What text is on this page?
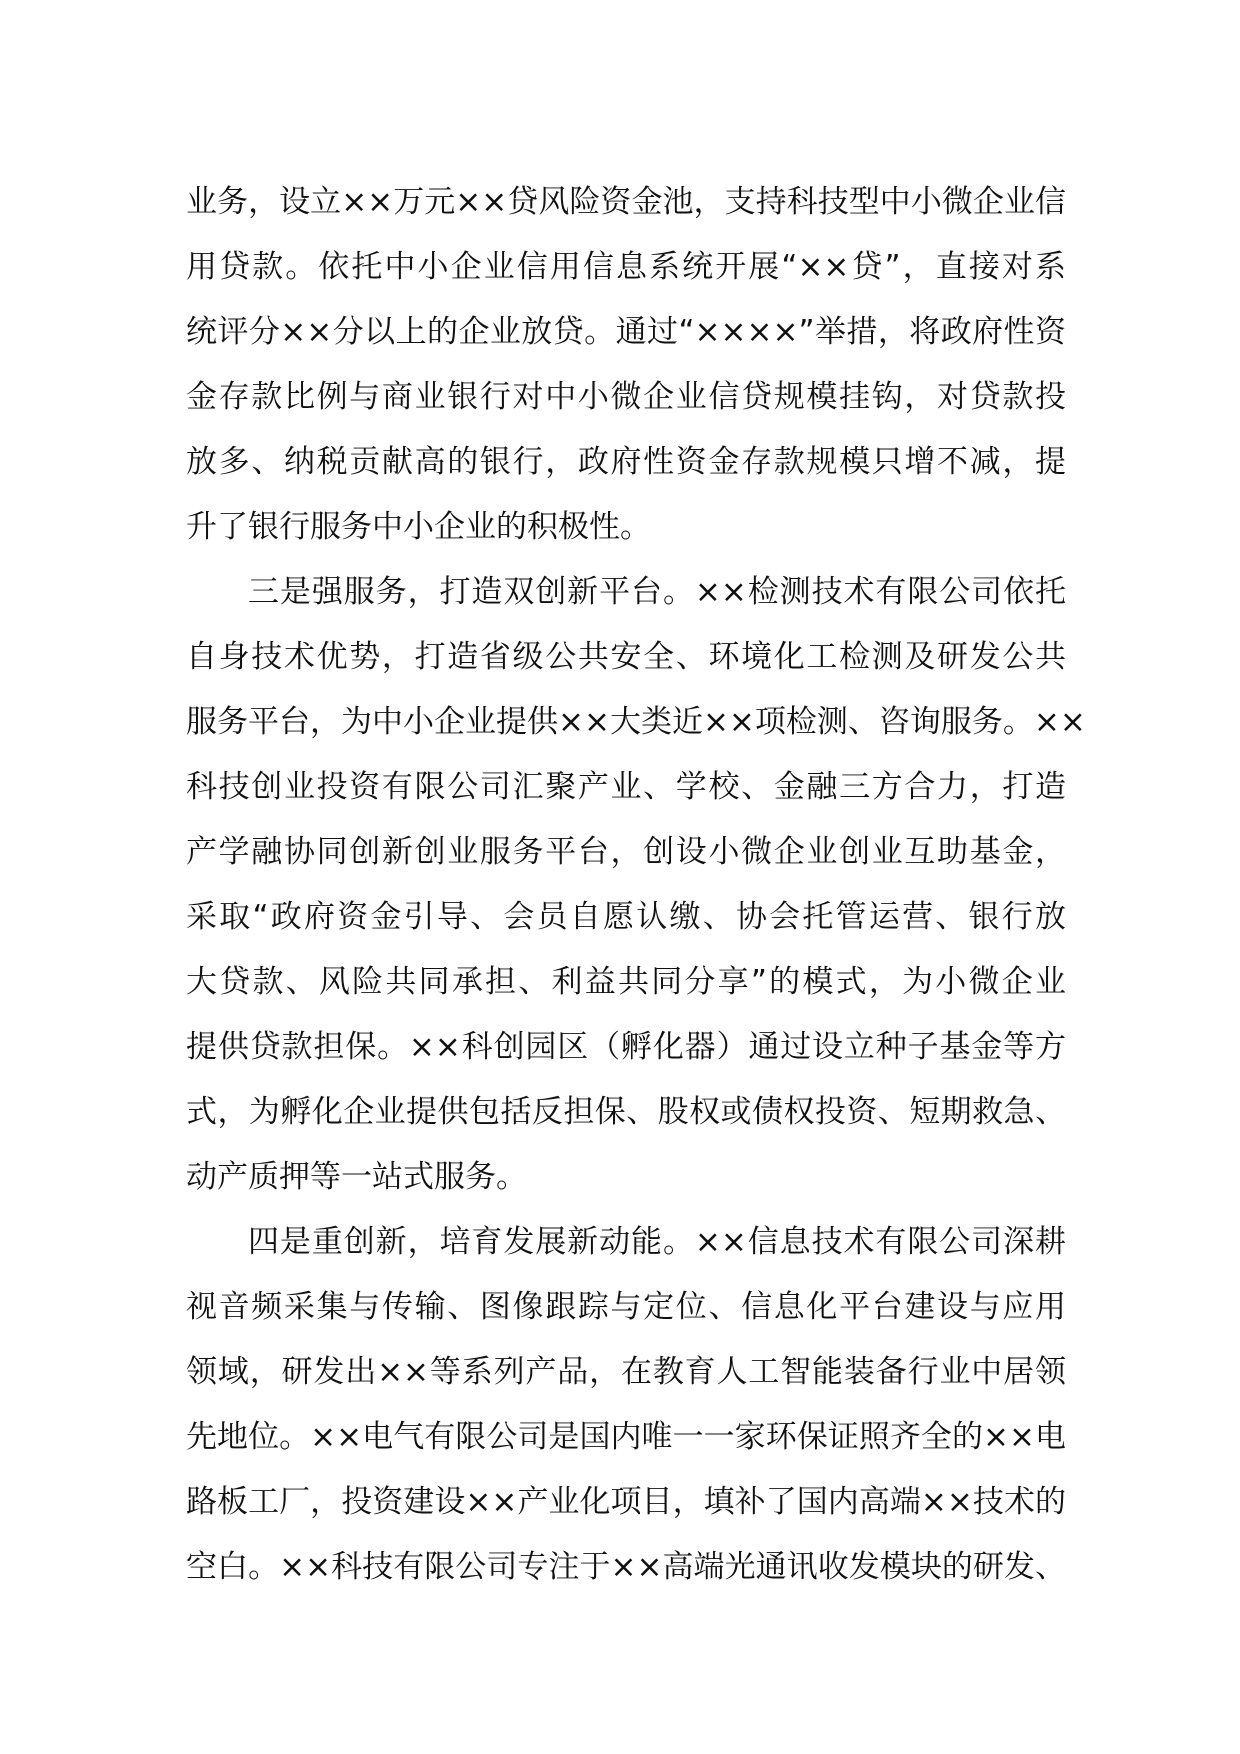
业务，设立××万元××贷风险资金池，支持科技型中小微企业信
用贷款。依托中小企业信用信息系统开展“××贷”，直接对系
统评分××分以上的企业放贷。通过“××××”举措，将政府性资
金存款比例与商业银行对中小微企业信贷规模挂钩，对贷款投
放多、纳税贡献高的银行，政府性资金存款规模只增不减，提
升了银行服务中小企业的积极性。
三是强服务，打造双创新平台。××检测技术有限公司依托
自身技术优势，打造省级公共安全、环境化工检测及研发公共
服务平台，为中小企业提供××大类近××项检测、咨询服务。××
科技创业投资有限公司汇聚产业、学校、金融三方合力，打造
产学融协同创新创业服务平台，创设小微企业创业互助基金，
采取“政府资金引导、会员自愿认缴、协会托管运营、银行放
大贷款、风险共同承担、利益共同分享”的模式，为小微企业
提供贷款担保。××科创园区（孵化器）通过设立种子基金等方
式，为孵化企业提供包括反担保、股权或债权投资、短期救急、
动产质押等一站式服务。
四是重创新，培育发展新动能。××信息技术有限公司深耕
视音频采集与传输、图像跟踪与定位、信息化平台建设与应用
领域，研发出××等系列产品，在教育人工智能装备行业中居领
先地位。××电气有限公司是国内唯一一家环保证照齐全的××电
路板工厂，投资建设××产业化项目，填补了国内高端××技术的
空白。××科技有限公司专注于××高端光通讯收发模块的研发、
